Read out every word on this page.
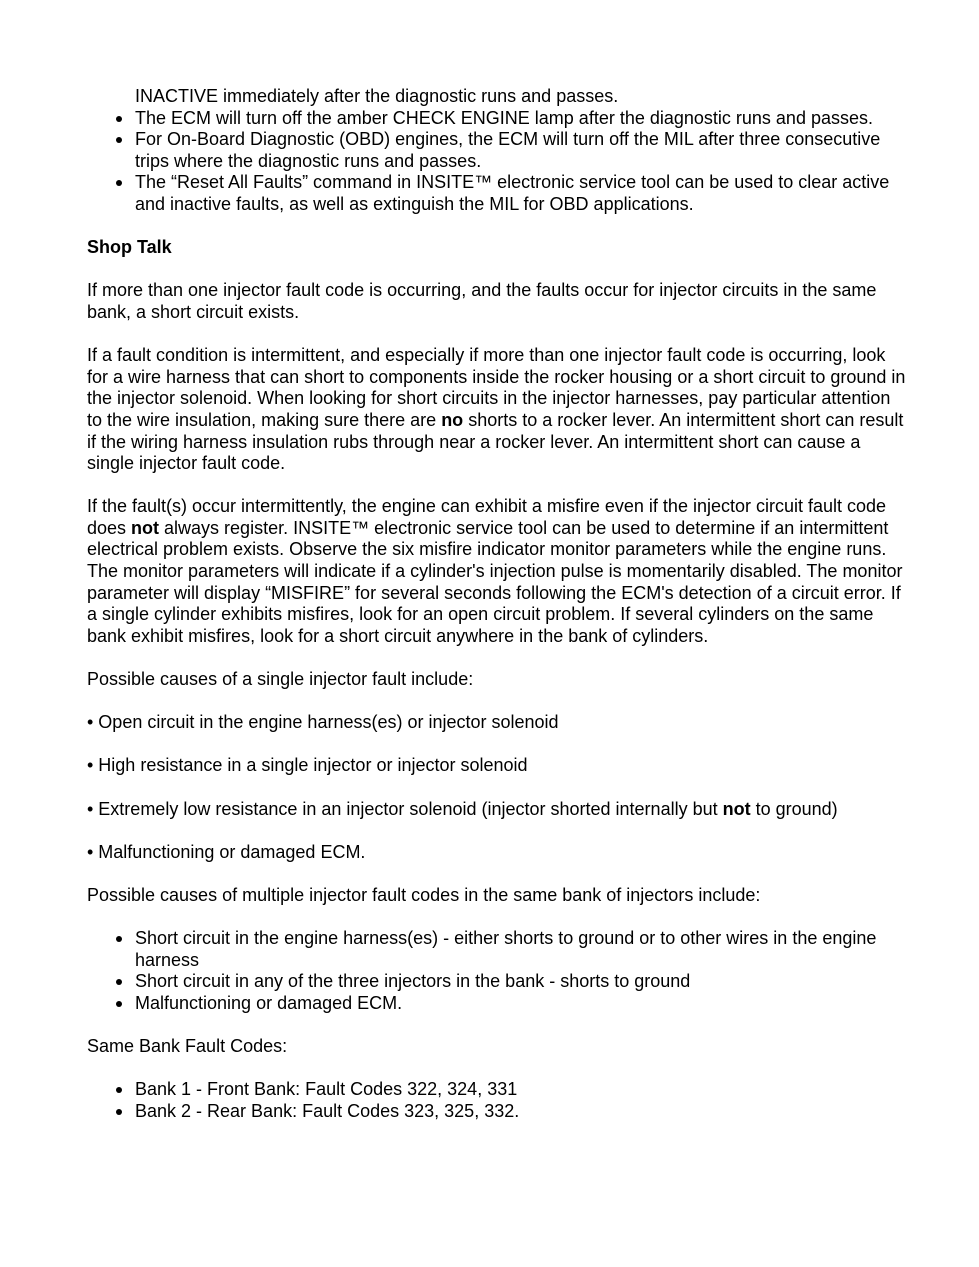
INACTIVE immediately after the diagnostic runs and passes.
The ECM will turn off the amber CHECK ENGINE lamp after the diagnostic runs and passes.
For On-Board Diagnostic (OBD) engines, the ECM will turn off the MIL after three consecutive trips where the diagnostic runs and passes.
The “Reset All Faults” command in INSITE™ electronic service tool can be used to clear active and inactive faults, as well as extinguish the MIL for OBD applications.

Shop Talk

If more than one injector fault code is occurring, and the faults occur for injector circuits in the same bank, a short circuit exists.

If a fault condition is intermittent, and especially if more than one injector fault code is occurring, look for a wire harness that can short to components inside the rocker housing or a short circuit to ground in the injector solenoid. When looking for short circuits in the injector harnesses, pay particular attention to the wire insulation, making sure there are no shorts to a rocker lever. An intermittent short can result if the wiring harness insulation rubs through near a rocker lever. An intermittent short can cause a single injector fault code.

If the fault(s) occur intermittently, the engine can exhibit a misfire even if the injector circuit fault code does not always register. INSITE™ electronic service tool can be used to determine if an intermittent electrical problem exists. Observe the six misfire indicator monitor parameters while the engine runs. The monitor parameters will indicate if a cylinder's injection pulse is momentarily disabled. The monitor parameter will display “MISFIRE” for several seconds following the ECM's detection of a circuit error. If a single cylinder exhibits misfires, look for an open circuit problem. If several cylinders on the same bank exhibit misfires, look for a short circuit anywhere in the bank of cylinders.

Possible causes of a single injector fault include:

• Open circuit in the engine harness(es) or injector solenoid

• High resistance in a single injector or injector solenoid

• Extremely low resistance in an injector solenoid (injector shorted internally but not to ground)

• Malfunctioning or damaged ECM.

Possible causes of multiple injector fault codes in the same bank of injectors include:

Short circuit in the engine harness(es) - either shorts to ground or to other wires in the engine harness
Short circuit in any of the three injectors in the bank - shorts to ground
Malfunctioning or damaged ECM.

Same Bank Fault Codes:

Bank 1 - Front Bank: Fault Codes 322, 324, 331
Bank 2 - Rear Bank: Fault Codes 323, 325, 332.
